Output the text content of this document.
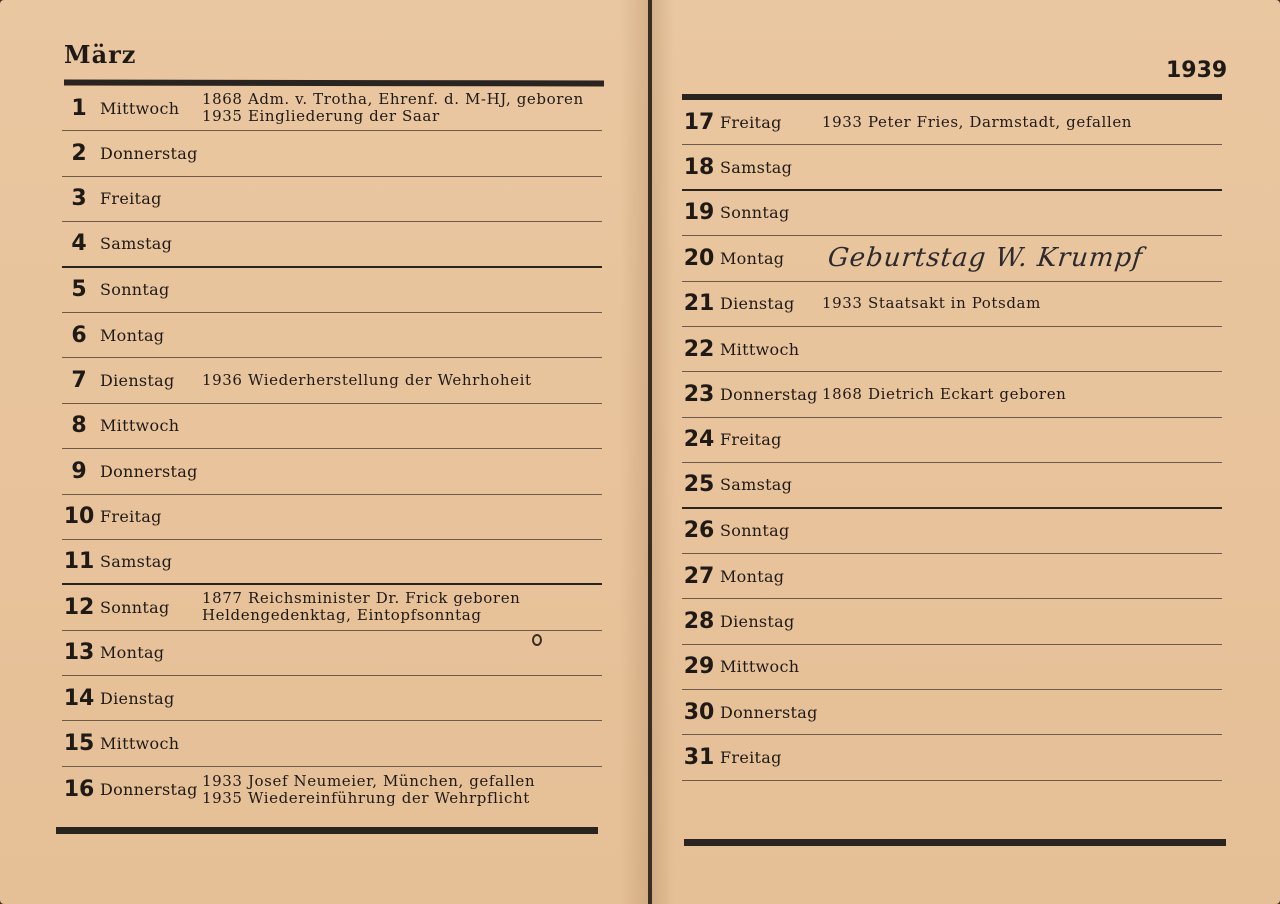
März
1 Mittwoch	1868 Adm. v. Trotha, Ehrenf. d. M-HJ, geboren
1935 Eingliederung der Saar
2 Donnerstag
3 Freitag
4 Samstag
5 Sonntag
6 Montag
7 Dienstag	1936 Wiederherstellung der Wehrhoheit
8 Mittwoch
9 Donnerstag
10 Freitag
11 Samstag
12 Sonntag	1877 Reichsminister Dr. Frick geboren
Heldengedenktag, Eintopfsonntag
13 Montag
14 Dienstag
15 Mittwoch
16 Donnerstag 1933 Josef Neumeier, München, gefallen
1935 Wiedereinführung der Wehrpflicht
1939
17 Freitag	1933 Peter Fries, Darmstadt, gefallen
18 Samstag
19 Sonntag
20 Montag	Geburtstag W. Krumpf
21 Dienstag	1933 Staatsakt in Potsdam
22 Mittwoch
23 Donnerstag 1868 Dietrich Eckart geboren
24 Freitag
25 Samstag
26 Sonntag
27 Montag
28 Dienstag
29 Mittwoch
30 Donnerstag
31 Freitag
